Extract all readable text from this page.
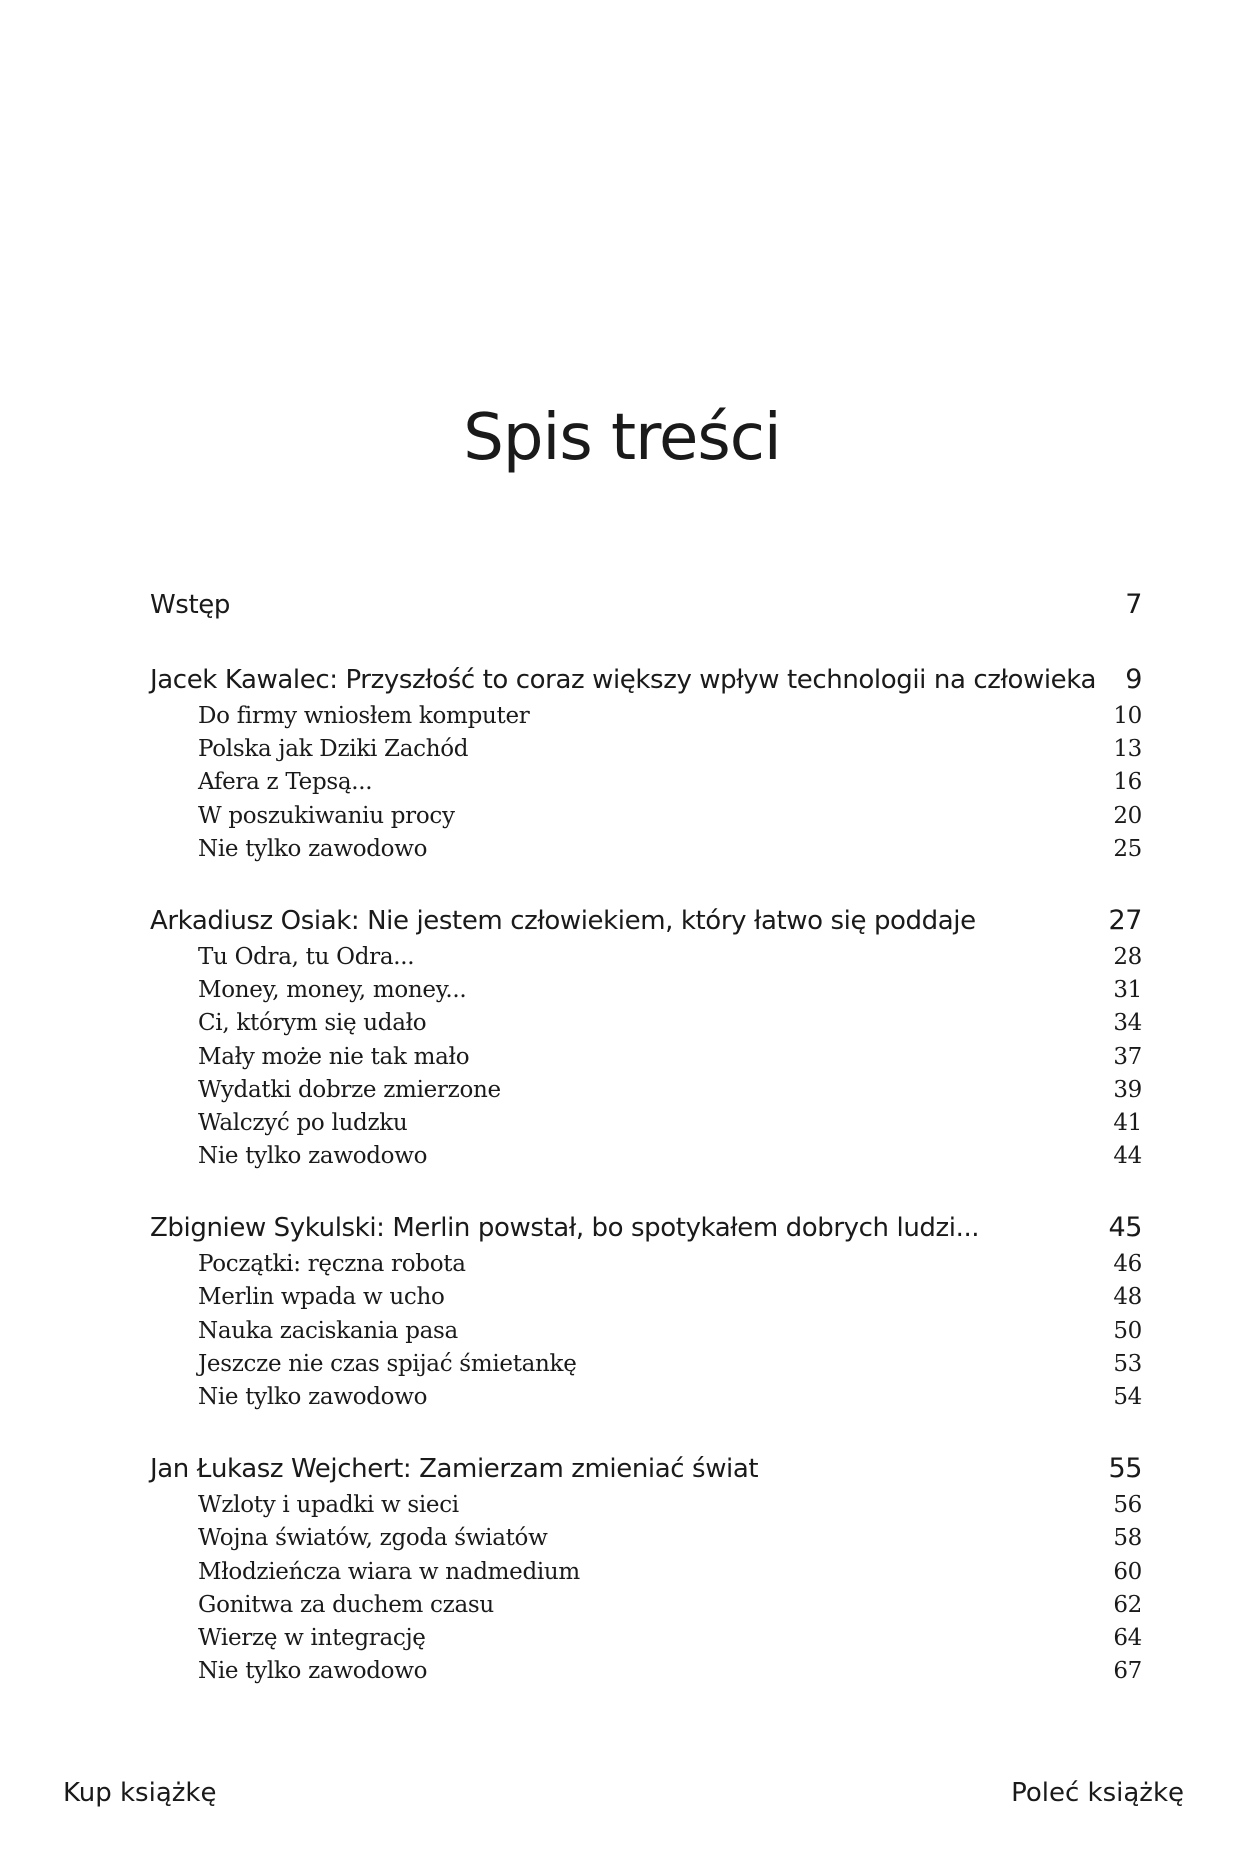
Spis treści
Wstęp	7
Jacek Kawalec: Przyszłość to coraz większy wpływ technologii na człowieka 9
Do firmy wniosłem komputer	10
Polska jak Dziki Zachód	13
Afera z Tepsą...	16
W poszukiwaniu procy	20
Nie tylko zawodowo	25
Arkadiusz Osiak: Nie jestem człowiekiem, który łatwo się poddaje	27
Tu Odra, tu Odra...	28
Money, money, money...	31
Ci, którym się udało	34
Mały może nie tak mało	37
Wydatki dobrze zmierzone	39
Walczyć po ludzku	41
Nie tylko zawodowo	44
Zbigniew Sykulski: Merlin powstał, bo spotykałem dobrych ludzi...	45
Początki: ręczna robota	46
Merlin wpada w ucho	48
Nauka zaciskania pasa	50
Jeszcze nie czas spijać śmietankę	53
Nie tylko zawodowo	54
Jan Łukasz Wejchert: Zamierzam zmieniać świat	55
Wzloty i upadki w sieci	56
Wojna światów, zgoda światów	58
Młodzieńcza wiara w nadmedium	60
Gonitwa za duchem czasu	62
Wierzę w integrację	64
Nie tylko zawodowo	67
Kup książkę	Poleć książkę
